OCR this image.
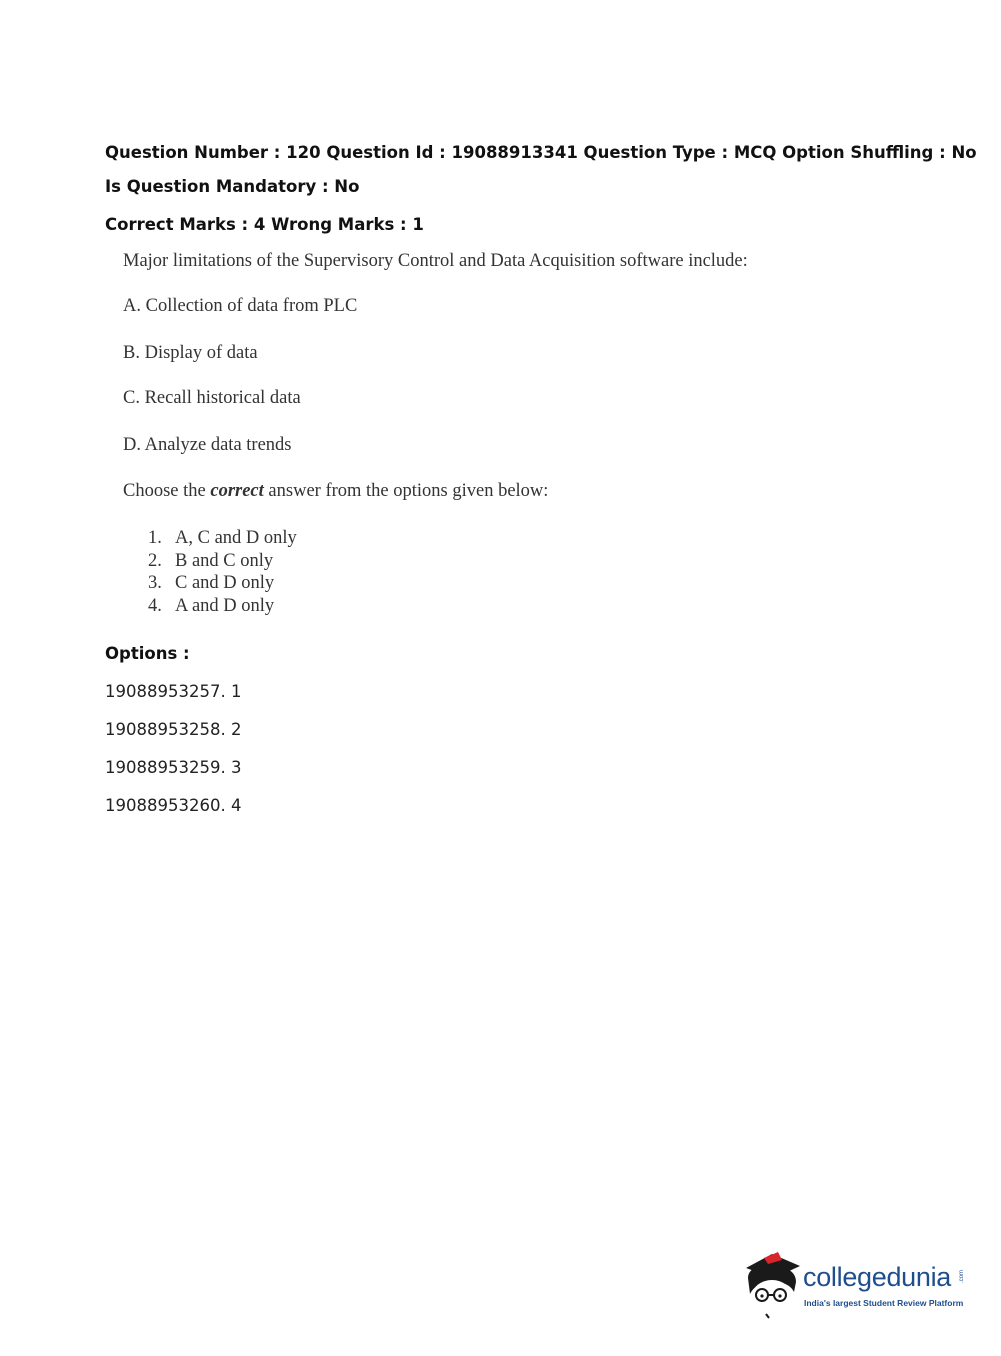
Question Number : 120 Question Id : 19088913341 Question Type : MCQ Option Shuffling : No
Is Question Mandatory : No
Correct Marks : 4 Wrong Marks : 1
Major limitations of the Supervisory Control and Data Acquisition software include:
A. Collection of data from PLC
B. Display of data
C. Recall historical data
D. Analyze data trends
Choose the correct answer from the options given below:
1. A, C and D only
2. B and C only
3. C and D only
4. A and D only
Options :
19088953257. 1
19088953258. 2
19088953259. 3
19088953260. 4
collegedunia .com
India's largest Student Review Platform
